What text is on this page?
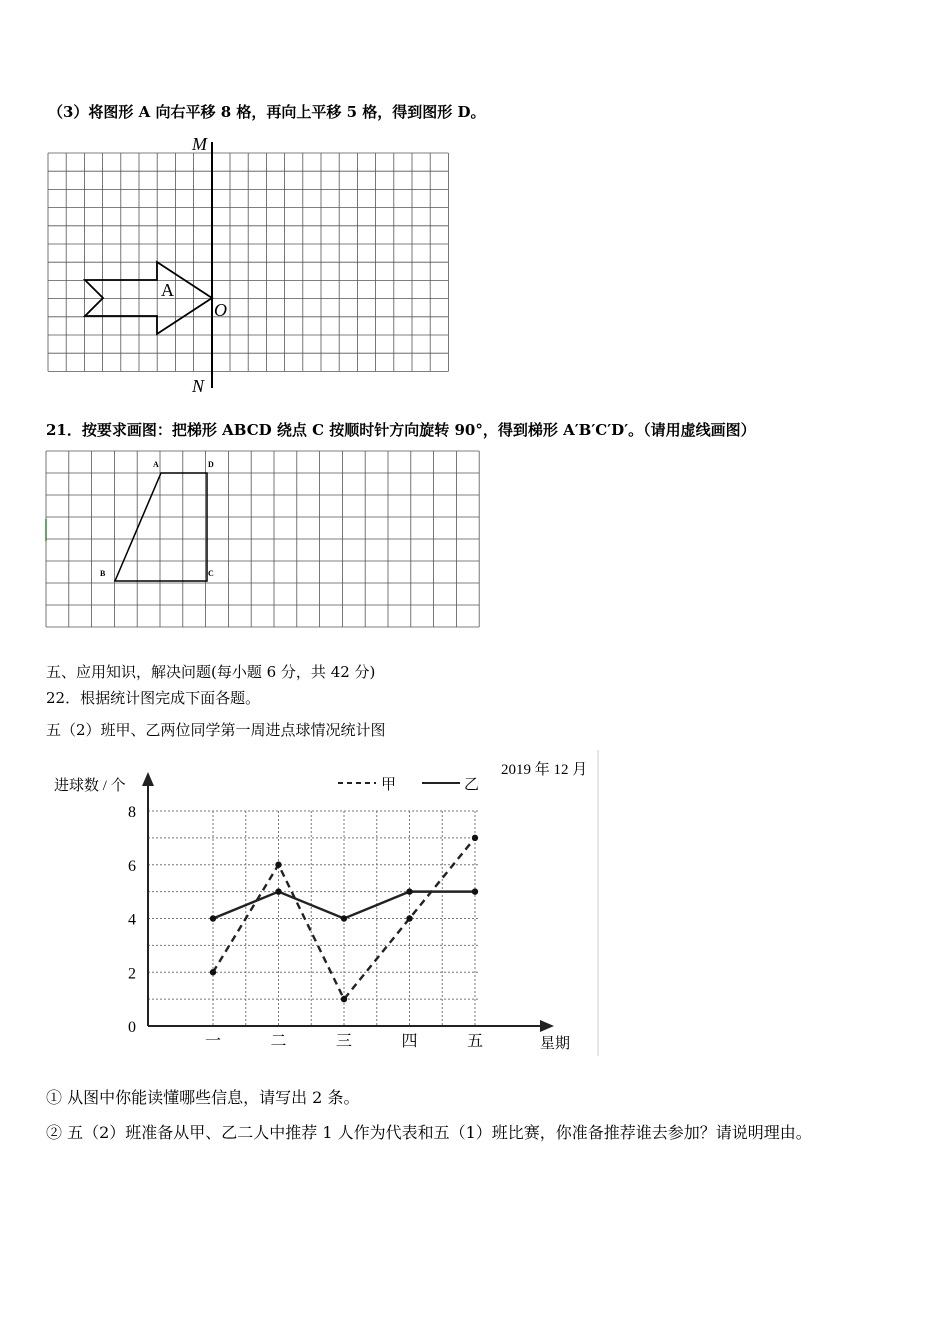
（3）将图形 A 向右平移 8 格，再向上平移 5 格，得到图形 D。
M
N
O
A
21．按要求画图：把梯形 ABCD 绕点 C 按顺时针方向旋转 90°，得到梯形 A′B′C′D′。（请用虚线画图）
A	D
B	C
五、应用知识，解决问题(每小题 6 分，共 42 分)
22．根据统计图完成下面各题。
五（2）班甲、乙两位同学第一周进点球情况统计图
进球数 / 个
星期
2019 年 12 月
甲	乙
0
2
4
6
8
一	二	三	四	五
① 从图中你能读懂哪些信息，请写出 2 条。
② 五（2）班准备从甲、乙二人中推荐 1 人作为代表和五（1）班比赛，你准备推荐谁去参加？请说明理由。
